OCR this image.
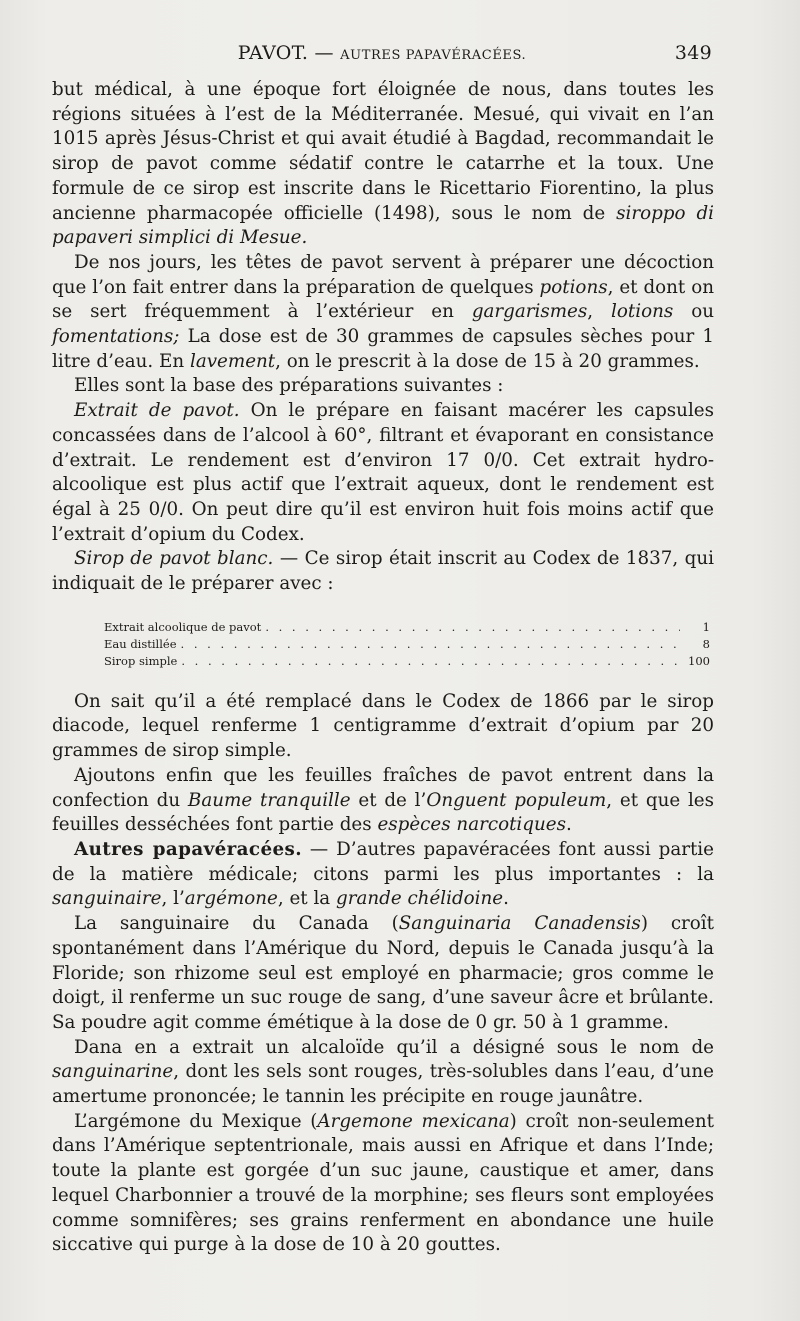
PAVOT. — AUTRES PAPAVÉRACÉES.	349

but médical, à une époque fort éloignée de nous, dans toutes les régions situées à l’est de la Méditerranée. Mesué, qui vivait en l’an 1015 après Jésus-Christ et qui avait étudié à Bagdad, recommandait le sirop de pavot comme sédatif contre le catarrhe et la toux. Une formule de ce sirop est inscrite dans le Ricettario Fiorentino, la plus ancienne pharmacopée officielle (1498), sous le nom de siroppo di papaveri simplici di Mesue.

De nos jours, les têtes de pavot servent à préparer une décoction que l’on fait entrer dans la préparation de quelques potions, et dont on se sert fréquemment à l’extérieur en gargarismes, lotions ou fomentations; La dose est de 30 grammes de capsules sèches pour 1 litre d’eau. En lavement, on le prescrit à la dose de 15 à 20 grammes.

Elles sont la base des préparations suivantes :

Extrait de pavot. On le prépare en faisant macérer les capsules concassées dans de l’alcool à 60°, filtrant et évaporant en consistance d’extrait. Le rendement est d’environ 17 0/0. Cet extrait hydro-alcoolique est plus actif que l’extrait aqueux, dont le rendement est égal à 25 0/0. On peut dire qu’il est environ huit fois moins actif que l’extrait d’opium du Codex.

Sirop de pavot blanc. — Ce sirop était inscrit au Codex de 1837, qui indiquait de le préparer avec :

Extrait alcoolique de pavot . . .	1
Eau distillée . . .	8
Sirop simple . . .	100

On sait qu’il a été remplacé dans le Codex de 1866 par le sirop diacode, lequel renferme 1 centigramme d’extrait d’opium par 20 grammes de sirop simple.

Ajoutons enfin que les feuilles fraîches de pavot entrent dans la confection du Baume tranquille et de l’Onguent populeum, et que les feuilles desséchées font partie des espèces narcotiques.

Autres papavéracées. — D’autres papavéracées font aussi partie de la matière médicale; citons parmi les plus importantes : la sanguinaire, l’argémone, et la grande chélidoine.

La sanguinaire du Canada (Sanguinaria Canadensis) croît spontanément dans l’Amérique du Nord, depuis le Canada jusqu’à la Floride; son rhizome seul est employé en pharmacie; gros comme le doigt, il renferme un suc rouge de sang, d’une saveur âcre et brûlante. Sa poudre agit comme émétique à la dose de 0 gr. 50 à 1 gramme.

Dana en a extrait un alcaloïde qu’il a désigné sous le nom de sanguinarine, dont les sels sont rouges, très-solubles dans l’eau, d’une amertume prononcée; le tannin les précipite en rouge jaunâtre.

L’argémone du Mexique (Argemone mexicana) croît non-seulement dans l’Amérique septentrionale, mais aussi en Afrique et dans l’Inde; toute la plante est gorgée d’un suc jaune, caustique et amer, dans lequel Charbonnier a trouvé de la morphine; ses fleurs sont employées comme somnifères; ses grains renferment en abondance une huile siccative qui purge à la dose de 10 à 20 gouttes.
